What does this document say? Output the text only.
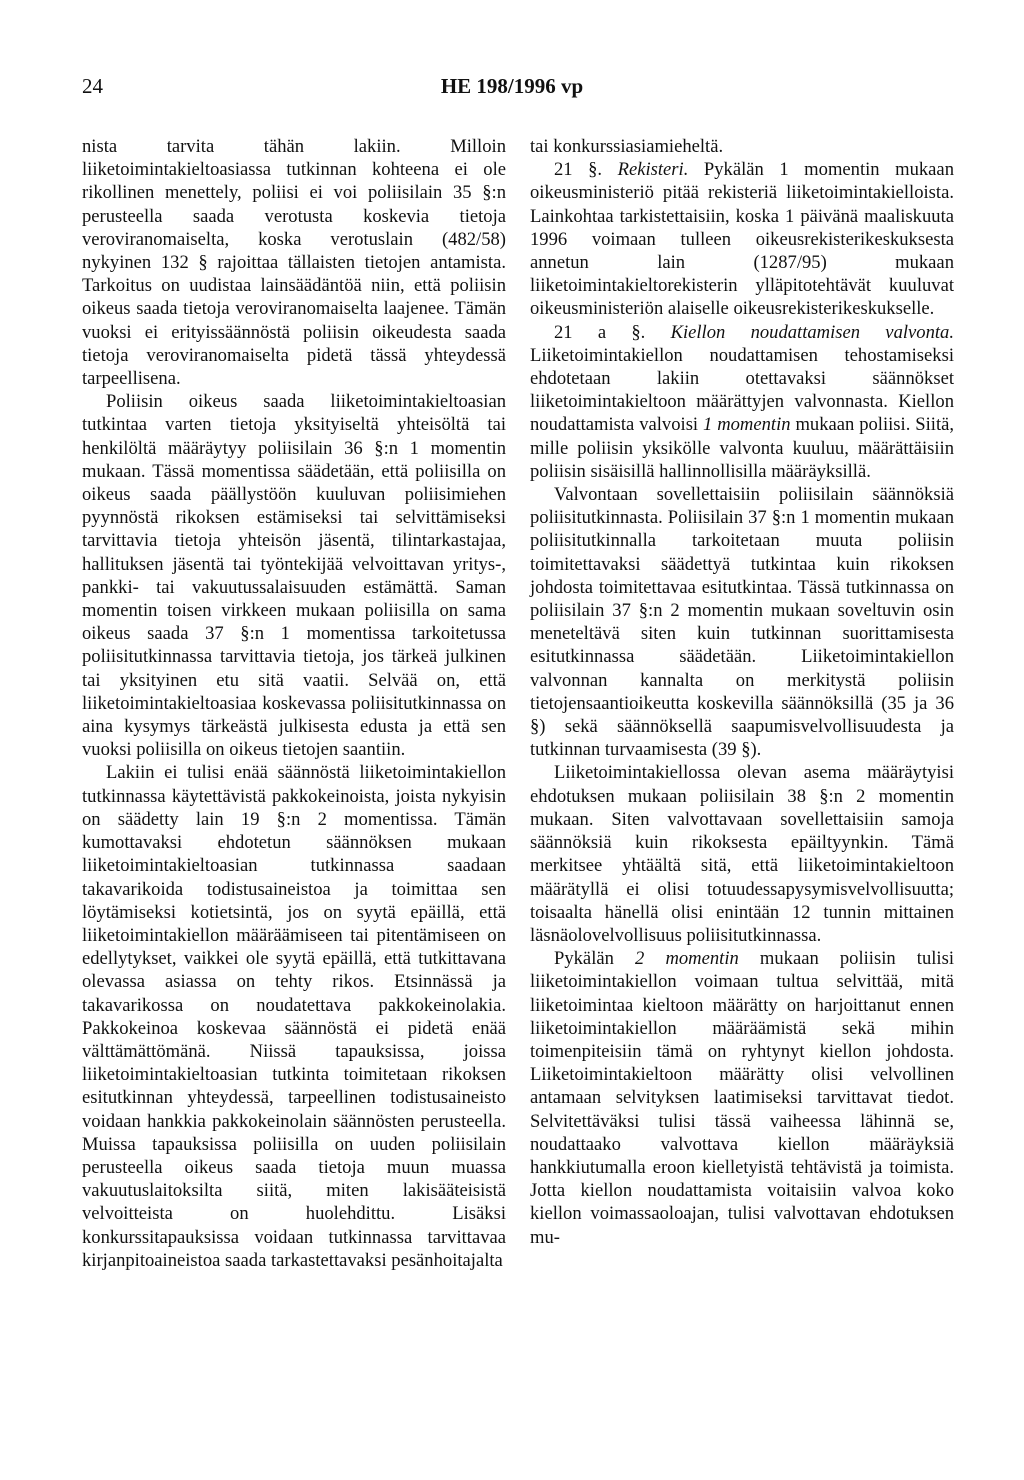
24	HE 198/1996 vp

nista tarvita tähän lakiin. Milloin liiketoimintakieltoasiassa tutkinnan kohteena ei ole rikollinen menettely, poliisi ei voi poliisilain 35 §:n perusteella saada verotusta koskevia tietoja veroviranomaiselta, koska verotuslain (482/58) nykyinen 132 § rajoittaa tällaisten tietojen antamista. Tarkoitus on uudistaa lainsäädäntöä niin, että poliisin oikeus saada tietoja veroviranomaiselta laajenee. Tämän vuoksi ei erityissäännöstä poliisin oikeudesta saada tietoja veroviranomaiselta pidetä tässä yhteydessä tarpeellisena.

Poliisin oikeus saada liiketoimintakieltoasian tutkintaa varten tietoja yksityiseltä yhteisöltä tai henkilöltä määräytyy poliisilain 36 §:n 1 momentin mukaan. Tässä momentissa säädetään, että poliisilla on oikeus saada päällystöön kuuluvan poliisimiehen pyynnöstä rikoksen estämiseksi tai selvittämiseksi tarvittavia tietoja yhteisön jäsentä, tilintarkastajaa, hallituksen jäsentä tai työntekijää velvoittavan yritys-, pankki- tai vakuutussalaisuuden estämättä. Saman momentin toisen virkkeen mukaan poliisilla on sama oikeus saada 37 §:n 1 momentissa tarkoitetussa poliisitutkinnassa tarvittavia tietoja, jos tärkeä julkinen tai yksityinen etu sitä vaatii. Selvää on, että liiketoimintakieltoasiaa koskevassa poliisitutkinnassa on aina kysymys tärkeästä julkisesta edusta ja että sen vuoksi poliisilla on oikeus tietojen saantiin.

Lakiin ei tulisi enää säännöstä liiketoimintakiellon tutkinnassa käytettävistä pakkokeinoista, joista nykyisin on säädetty lain 19 §:n 2 momentissa. Tämän kumottavaksi ehdotetun säännöksen mukaan liiketoimintakieltoasian tutkinnassa saadaan takavarikoida todistusaineistoa ja toimittaa sen löytämiseksi kotietsintä, jos on syytä epäillä, että liiketoimintakiellon määräämiseen tai pitentämiseen on edellytykset, vaikkei ole syytä epäillä, että tutkittavana olevassa asiassa on tehty rikos. Etsinnässä ja takavarikossa on noudatettava pakkokeinolakia. Pakkokeinoa koskevaa säännöstä ei pidetä enää välttämättömänä. Niissä tapauksissa, joissa liiketoimintakieltoasian tutkinta toimitetaan rikoksen esitutkinnan yhteydessä, tarpeellinen todistusaineisto voidaan hankkia pakkokeinolain säännösten perusteella. Muissa tapauksissa poliisilla on uuden poliisilain perusteella oikeus saada tietoja muun muassa vakuutuslaitoksilta siitä, miten lakisääteisistä velvoitteista on huolehdittu. Lisäksi konkurssitapauksissa voidaan tutkinnassa tarvittavaa kirjanpitoaineistoa saada tarkastettavaksi pesänhoitajalta

tai konkurssiasiamieheltä.

21 §. Rekisteri. Pykälän 1 momentin mukaan oikeusministeriö pitää rekisteriä liiketoimintakielloista. Lainkohtaa tarkistettaisiin, koska 1 päivänä maaliskuuta 1996 voimaan tulleen oikeusrekisterikeskuksesta annetun lain (1287/95) mukaan liiketoimintakieltorekisterin ylläpitotehtävät kuuluvat oikeusministeriön alaiselle oikeusrekisterikeskukselle.

21 a §. Kiellon noudattamisen valvonta. Liiketoimintakiellon noudattamisen tehostamiseksi ehdotetaan lakiin otettavaksi säännökset liiketoimintakieltoon määrättyjen valvonnasta. Kiellon noudattamista valvoisi 1 momentin mukaan poliisi. Siitä, mille poliisin yksikölle valvonta kuuluu, määrättäisiin poliisin sisäisillä hallinnollisilla määräyksillä.

Valvontaan sovellettaisiin poliisilain säännöksiä poliisitutkinnasta. Poliisilain 37 §:n 1 momentin mukaan poliisitutkinnalla tarkoitetaan muuta poliisin toimitettavaksi säädettyä tutkintaa kuin rikoksen johdosta toimitettavaa esitutkintaa. Tässä tutkinnassa on poliisilain 37 §:n 2 momentin mukaan soveltuvin osin meneteltävä siten kuin tutkinnan suorittamisesta esitutkinnassa säädetään. Liiketoimintakiellon valvonnan kannalta on merkitystä poliisin tietojensaantioikeutta koskevilla säännöksillä (35 ja 36 §) sekä säännöksellä saapumisvelvollisuudesta ja tutkinnan turvaamisesta (39 §).

Liiketoimintakiellossa olevan asema määräytyisi ehdotuksen mukaan poliisilain 38 §:n 2 momentin mukaan. Siten valvottavaan sovellettaisiin samoja säännöksiä kuin rikoksesta epäiltyynkin. Tämä merkitsee yhtäältä sitä, että liiketoimintakieltoon määrätyllä ei olisi totuudessapysymisvelvollisuutta; toisaalta hänellä olisi enintään 12 tunnin mittainen läsnäolovelvollisuus poliisitutkinnassa.

Pykälän 2 momentin mukaan poliisin tulisi liiketoimintakiellon voimaan tultua selvittää, mitä liiketoimintaa kieltoon määrätty on harjoittanut ennen liiketoimintakiellon määräämistä sekä mihin toimenpiteisiin tämä on ryhtynyt kiellon johdosta. Liiketoimintakieltoon määrätty olisi velvollinen antamaan selvityksen laatimiseksi tarvittavat tiedot. Selvitettäväksi tulisi tässä vaiheessa lähinnä se, noudattaako valvottava kiellon määräyksiä hankkiutumalla eroon kielletyistä tehtävistä ja toimista. Jotta kiellon noudattamista voitaisiin valvoa koko kiellon voimassaoloajan, tulisi valvottavan ehdotuksen mu-
